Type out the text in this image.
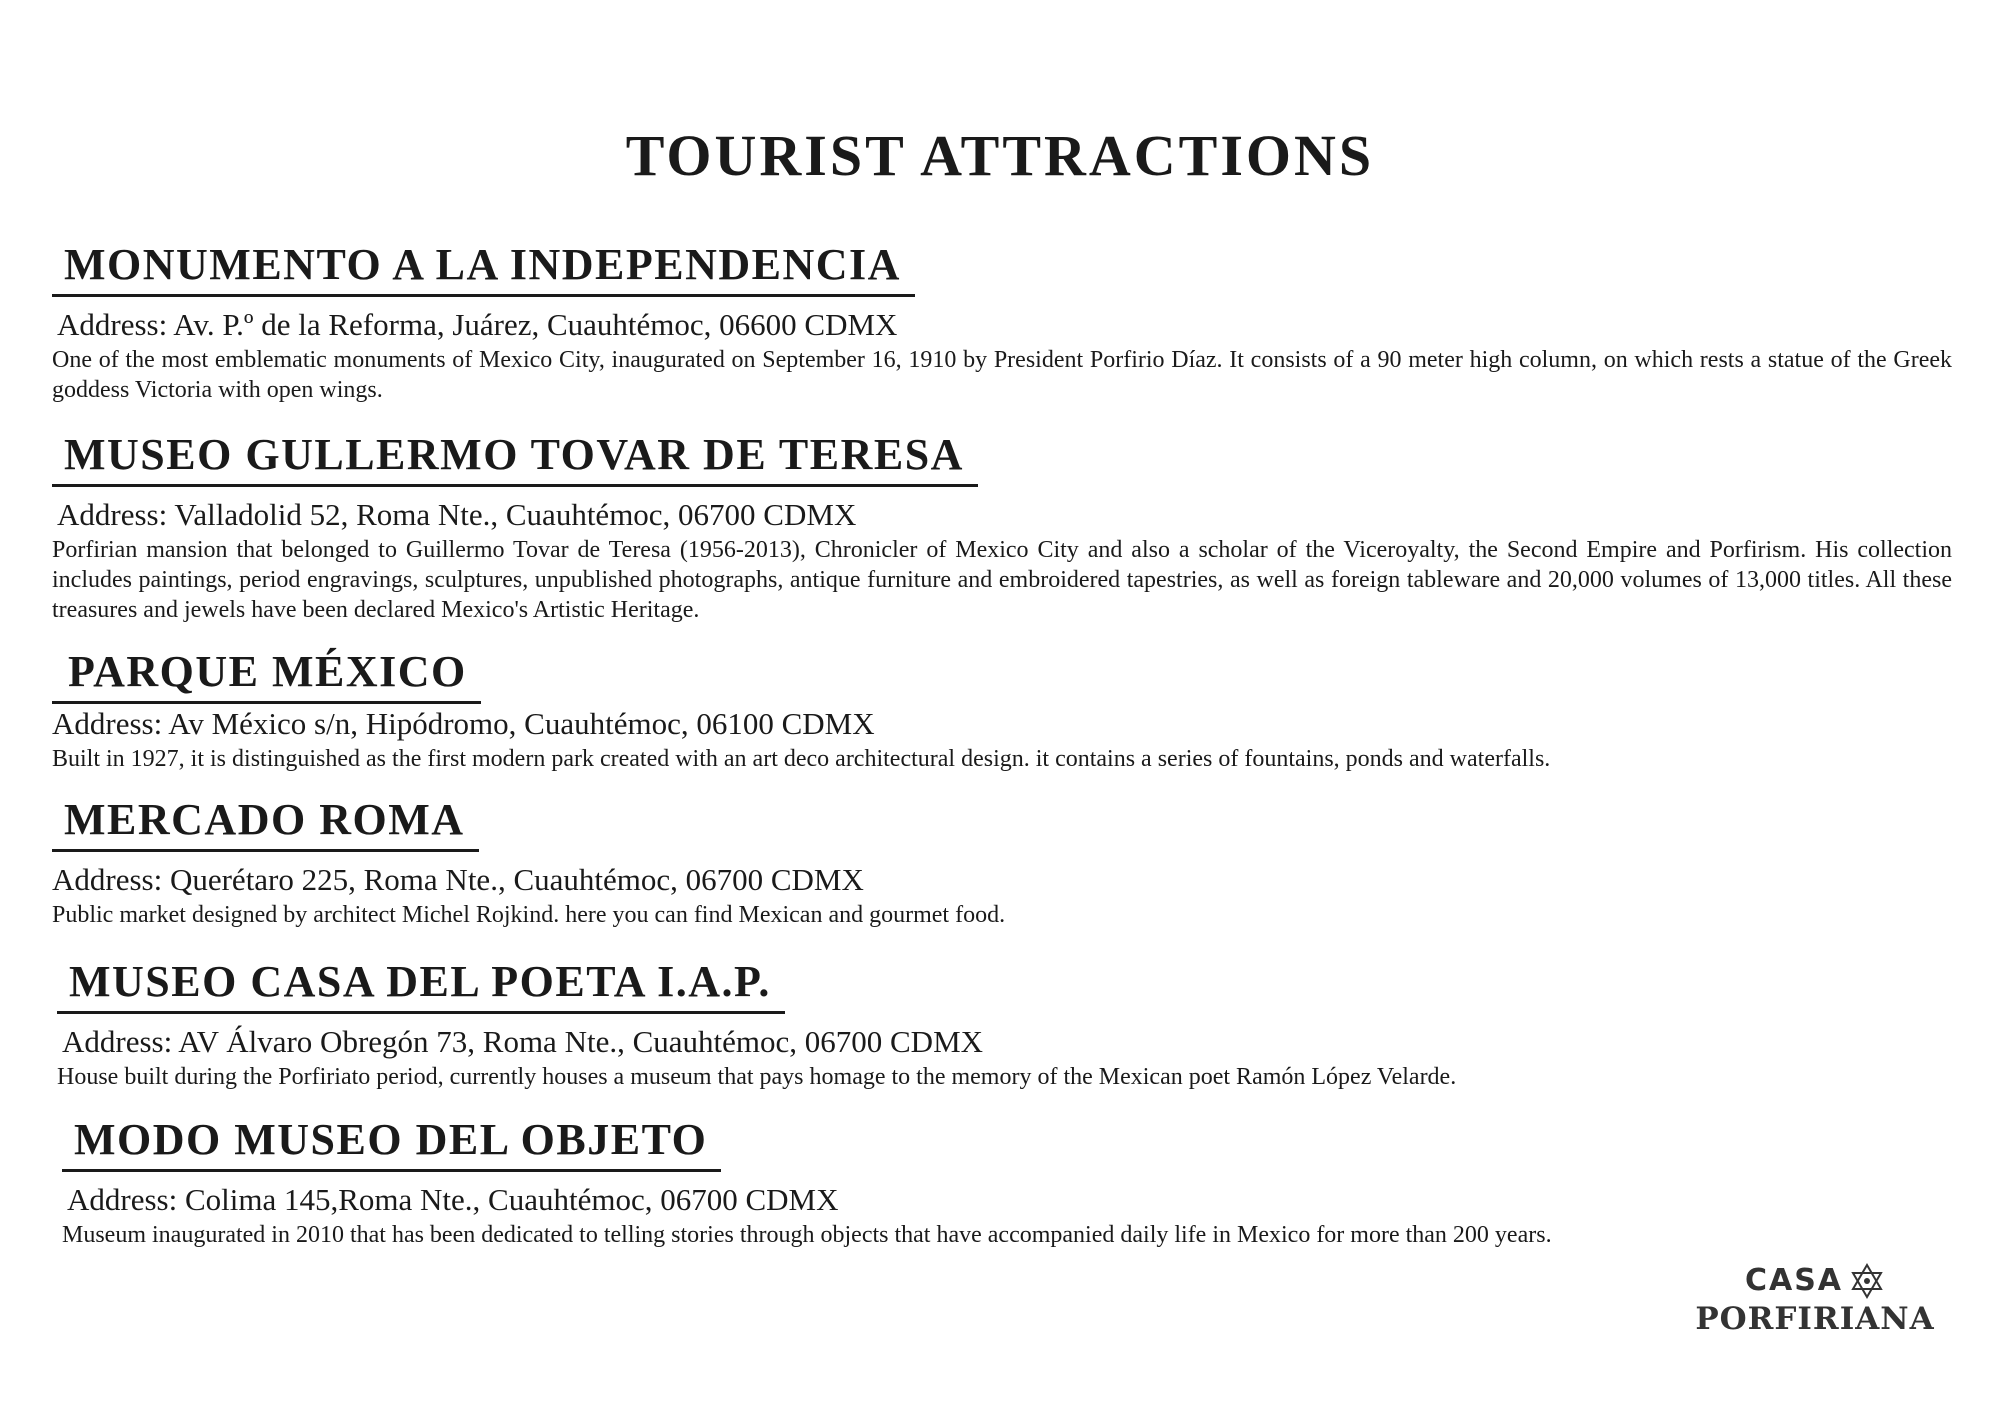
TOURIST ATTRACTIONS
MONUMENTO A LA INDEPENDENCIA

Address: Av. P.º de la Reforma, Juárez, Cuauhtémoc, 06600 CDMX

One of the most emblematic monuments of Mexico City, inaugurated on September 16, 1910 by President Porfirio Díaz. It consists of a 90 meter high column, on which rests a statue of the Greek goddess Victoria with open wings.

MUSEO GULLERMO TOVAR DE TERESA

Address: Valladolid 52, Roma Nte., Cuauhtémoc, 06700 CDMX

Porfirian mansion that belonged to Guillermo Tovar de Teresa (1956-2013), Chronicler of Mexico City and also a scholar of the Viceroyalty, the Second Empire and Porfirism. His collection includes paintings, period engravings, sculptures, unpublished photographs, antique furniture and embroidered tapestries, as well as foreign tableware and 20,000 volumes of 13,000 titles. All these treasures and jewels have been declared Mexico's Artistic Heritage.

PARQUE MÉXICO

Address: Av México s/n, Hipódromo, Cuauhtémoc, 06100 CDMX

Built in 1927, it is distinguished as the first modern park created with an art deco architectural design. it contains a series of fountains, ponds and waterfalls.

MERCADO ROMA

Address: Querétaro 225, Roma Nte., Cuauhtémoc, 06700 CDMX

Public market designed by architect Michel Rojkind. here you can find Mexican and gourmet food.

MUSEO CASA DEL POETA I.A.P.

Address: AV Álvaro Obregón 73, Roma Nte., Cuauhtémoc, 06700 CDMX

House built during the Porfiriato period, currently houses a museum that pays homage to the memory of the Mexican poet Ramón López Velarde.

MODO MUSEO DEL OBJETO

Address: Colima 145,Roma Nte., Cuauhtémoc, 06700 CDMX

Museum inaugurated in 2010 that has been dedicated to telling stories through objects that have accompanied daily life in Mexico for more than 200 years.

CASA
PORFIRIANA
